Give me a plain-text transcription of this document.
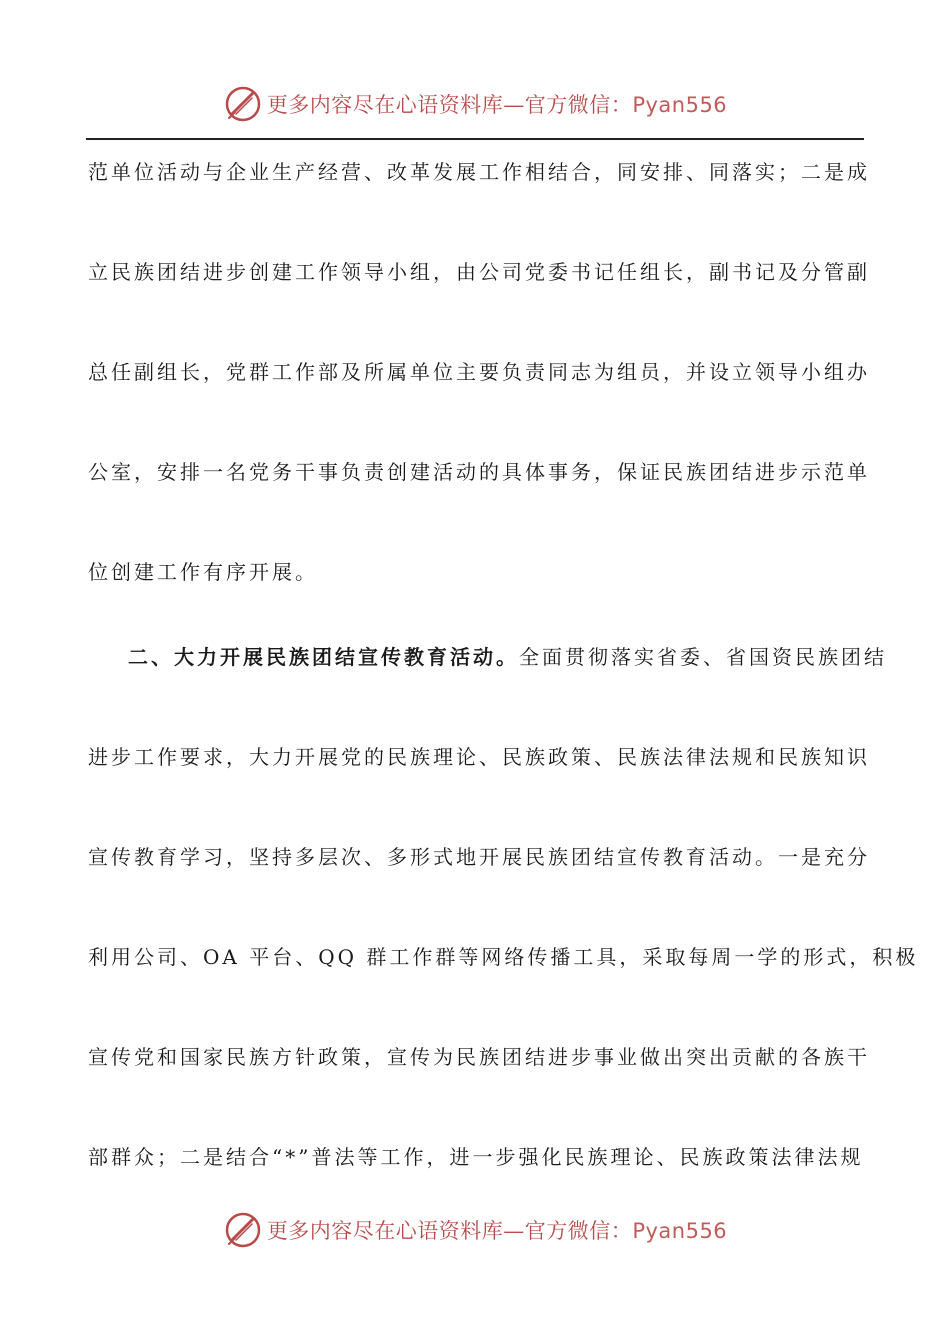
更多内容尽在心语资料库—官方微信：Pyan556

范单位活动与企业生产经营、改革发展工作相结合，同安排、同落实；二是成
立民族团结进步创建工作领导小组，由公司党委书记任组长，副书记及分管副
总任副组长，党群工作部及所属单位主要负责同志为组员，并设立领导小组办
公室，安排一名党务干事负责创建活动的具体事务，保证民族团结进步示范单
位创建工作有序开展。

二、大力开展民族团结宣传教育活动。全面贯彻落实省委、省国资民族团结
进步工作要求，大力开展党的民族理论、民族政策、民族法律法规和民族知识
宣传教育学习，坚持多层次、多形式地开展民族团结宣传教育活动。一是充分
利用公司、OA 平台、QQ 群工作群等网络传播工具，采取每周一学的形式，积极
宣传党和国家民族方针政策，宣传为民族团结进步事业做出突出贡献的各族干
部群众；二是结合“*”普法等工作，进一步强化民族理论、民族政策法律法规

更多内容尽在心语资料库—官方微信：Pyan556
